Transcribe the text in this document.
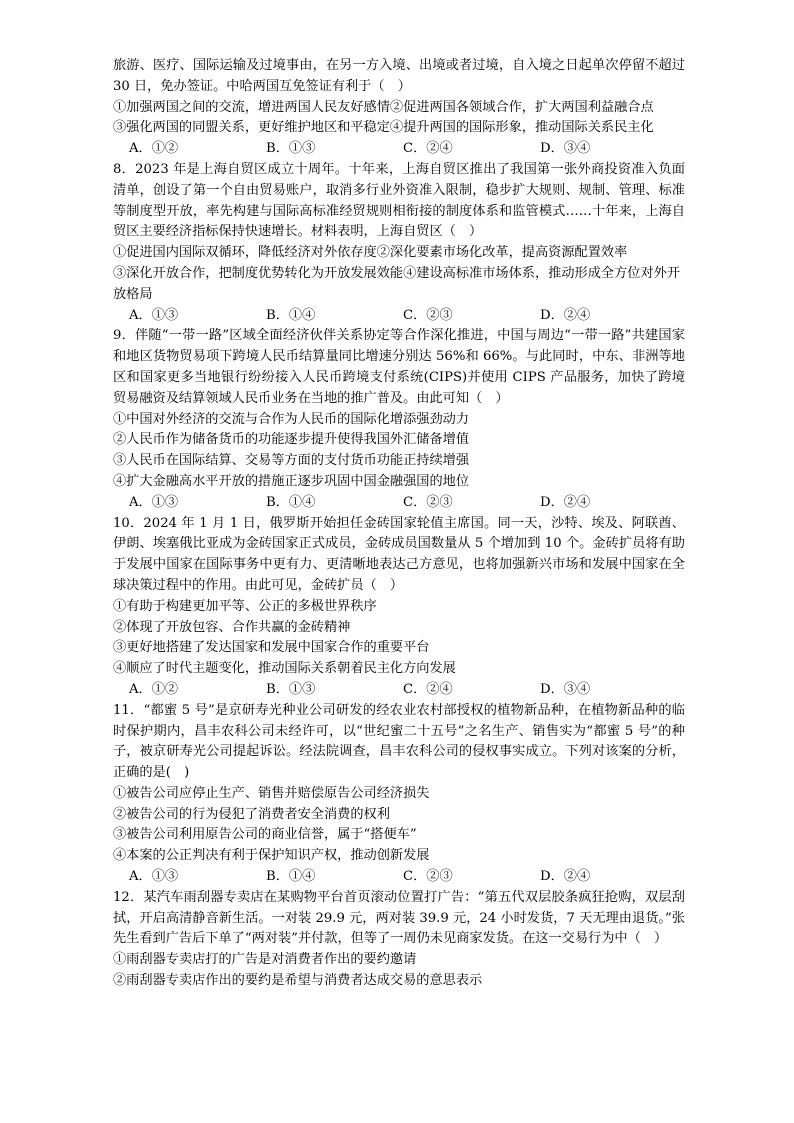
旅游、医疗、国际运输及过境事由，在另一方入境、出境或者过境，自入境之日起单次停留不超过 30 日，免办签证。中哈两国互免签证有利于（　）

①加强两国之间的交流，增进两国人民友好感情②促进两国各领域合作，扩大两国利益融合点

③强化两国的同盟关系，更好维护地区和平稳定④提升两国的国际形象，推动国际关系民主化

A．①②	B．①③	C．②④	D．③④

8．2023 年是上海自贸区成立十周年。十年来，上海自贸区推出了我国第一张外商投资准入负面清单，创设了第一个自由贸易账户，取消多行业外资准入限制，稳步扩大规则、规制、管理、标准等制度型开放，率先构建与国际高标准经贸规则相衔接的制度体系和监管模式……十年来，上海自贸区主要经济指标保持快速增长。材料表明，上海自贸区（　）

①促进国内国际双循环，降低经济对外依存度②深化要素市场化改革，提高资源配置效率

③深化开放合作，把制度优势转化为开放发展效能④建设高标准市场体系，推动形成全方位对外开放格局

A．①③	B．①④	C．②③	D．②④

9．伴随“一带一路”区域全面经济伙伴关系协定等合作深化推进，中国与周边“一带一路”共建国家和地区货物贸易项下跨境人民币结算量同比增速分别达 56%和 66%。与此同时，中东、非洲等地区和国家更多当地银行纷纷接入人民币跨境支付系统(CIPS)并使用 CIPS 产品服务，加快了跨境贸易融资及结算领域人民币业务在当地的推广普及。由此可知（　）

①中国对外经济的交流与合作为人民币的国际化增添强劲动力

②人民币作为储备货币的功能逐步提升使得我国外汇储备增值

③人民币在国际结算、交易等方面的支付货币功能正持续增强

④扩大金融高水平开放的措施正逐步巩固中国金融强国的地位

A．①③	B．①④	C．②③	D．②④

10．2024 年 1 月 1 日，俄罗斯开始担任金砖国家轮值主席国。同一天，沙特、埃及、阿联酋、伊朗、埃塞俄比亚成为金砖国家正式成员，金砖成员国数量从 5 个增加到 10 个。金砖扩员将有助于发展中国家在国际事务中更有力、更清晰地表达己方意见，也将加强新兴市场和发展中国家在全球决策过程中的作用。由此可见，金砖扩员（　）

①有助于构建更加平等、公正的多极世界秩序

②体现了开放包容、合作共赢的金砖精神

③更好地搭建了发达国家和发展中国家合作的重要平台

④顺应了时代主题变化，推动国际关系朝着民主化方向发展

A．①②	B．①③	C．②④	D．③④

11．“都蜜 5 号”是京研寿光种业公司研发的经农业农村部授权的植物新品种，在植物新品种的临时保护期内，昌丰农科公司未经许可，以“世纪蜜二十五号”之名生产、销售实为“都蜜 5 号”的种子，被京研寿光公司提起诉讼。经法院调查，昌丰农科公司的侵权事实成立。下列对该案的分析，正确的是(　)

①被告公司应停止生产、销售并赔偿原告公司经济损失

②被告公司的行为侵犯了消费者安全消费的权利

③被告公司利用原告公司的商业信誉，属于“搭便车”

④本案的公正判决有利于保护知识产权，推动创新发展

A．①③	B．①④	C．②③	D．②④

12．某汽车雨刮器专卖店在某购物平台首页滚动位置打广告：“第五代双层胶条疯狂抢购，双层刮拭，开启高清静音新生活。一对装 29.9 元，两对装 39.9 元，24 小时发货，7 天无理由退货。”张先生看到广告后下单了“两对装”并付款，但等了一周仍未见商家发货。在这一交易行为中（　）

①雨刮器专卖店打的广告是对消费者作出的要约邀请

②雨刮器专卖店作出的要约是希望与消费者达成交易的意思表示
